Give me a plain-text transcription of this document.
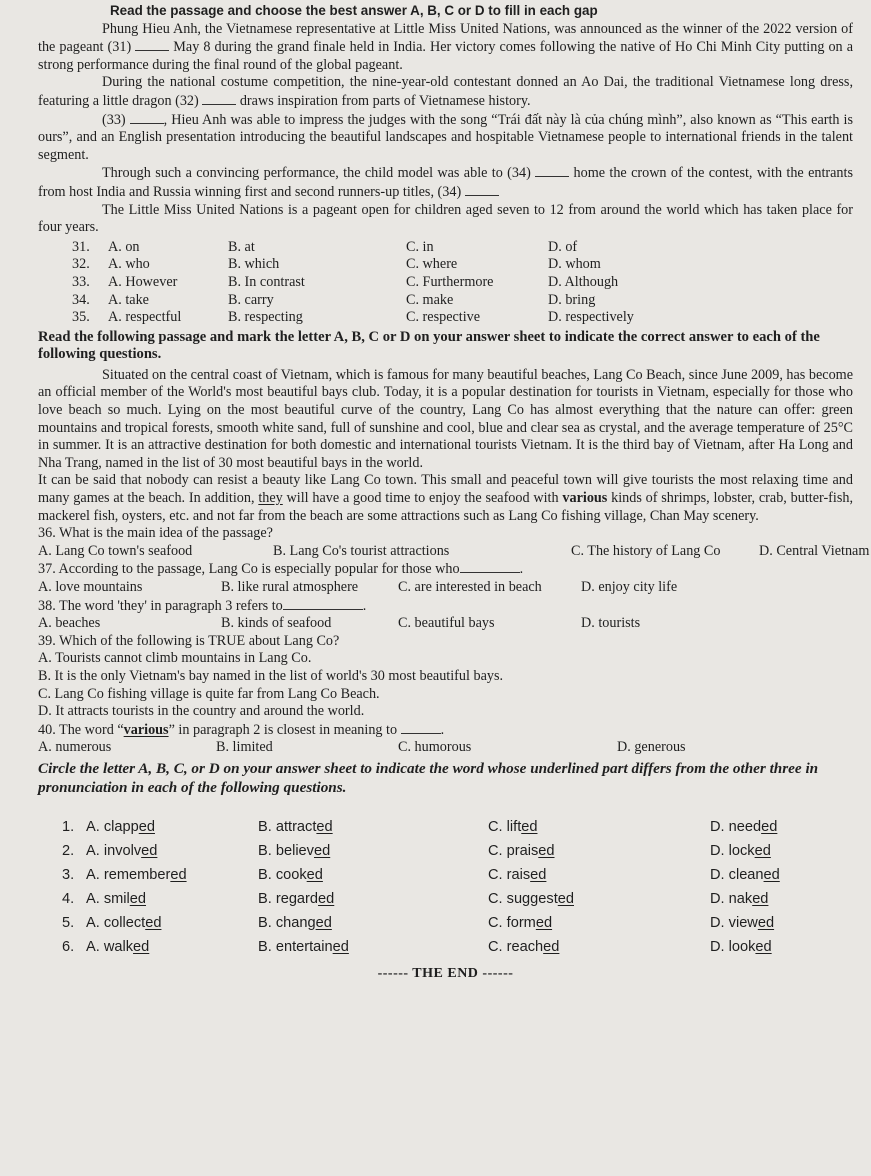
Read the passage and choose the best answer A, B, C or D to fill in each gap

Phung Hieu Anh, the Vietnamese representative at Little Miss United Nations, was announced as the winner of the 2022 version of the pageant (31)  May 8 during the grand finale held in India. Her victory comes following the native of Ho Chi Minh City putting on a strong performance during the final round of the global pageant.

During the national costume competition, the nine-year-old contestant donned an Ao Dai, the traditional Vietnamese long dress, featuring a little dragon (32)  draws inspiration from parts of Vietnamese history.

(33) , Hieu Anh was able to impress the judges with the song “Trái đất này là của chúng mình”, also known as “This earth is ours”, and an English presentation introducing the beautiful landscapes and hospitable Vietnamese people to international friends in the talent segment.

Through such a convincing performance, the child model was able to (34)  home the crown of the contest, with the entrants from host India and Russia winning first and second runners-up titles, (34)

The Little Miss United Nations is a pageant open for children aged seven to 12 from around the world which has taken place for four years.

31.	A. on	B. at	C. in	D. of
32.	A. who	B. which	C. where	D. whom
33.	A. However	B. In contrast	C. Furthermore	D. Although
34.	A. take	B. carry	C. make	D. bring
35.	A. respectful	B. respecting	C. respective	D. respectively
Read the following passage and mark the letter A, B, C or D on your answer sheet to indicate the correct answer to each of the following questions.

Situated on the central coast of Vietnam, which is famous for many beautiful beaches, Lang Co Beach, since June 2009, has become an official member of the World's most beautiful bays club. Today, it is a popular destination for tourists in Vietnam, especially for those who love beach so much. Lying on the most beautiful curve of the country, Lang Co has almost everything that the nature can offer: green mountains and tropical forests, smooth white sand, full of sunshine and cool, blue and clear sea as crystal, and the average temperature of 25°C in summer. It is an attractive destination for both domestic and international tourists Vietnam. It is the third bay of Vietnam, after Ha Long and Nha Trang, named in the list of 30 most beautiful bays in the world.

It can be said that nobody can resist a beauty like Lang Co town. This small and peaceful town will give tourists the most relaxing time and many games at the beach. In addition, they will have a good time to enjoy the seafood with various kinds of shrimps, lobster, crab, butter-fish, mackerel fish, oysters, etc. and not far from the beach are some attractions such as Lang Co fishing village, Chan May scenery.

36. What is the main idea of the passage?

A. Lang Co town's seafood	B. Lang Co's tourist attractions	C. The history of Lang Co	D. Central Vietnam

37. According to the passage, Lang Co is especially popular for those who	.

A. love mountains	B. like rural atmosphere	C. are interested in beach	D. enjoy city life

38. The word 'they' in paragraph 3 refers to	.

A. beaches	B. kinds of seafood	C. beautiful bays	D. tourists

39. Which of the following is TRUE about Lang Co?

A. Tourists cannot climb mountains in Lang Co.

B. It is the only Vietnam's bay named in the list of world's 30 most beautiful bays.

C. Lang Co fishing village is quite far from Lang Co Beach.

D. It attracts tourists in the country and around the world.

40. The word “various” in paragraph 2 is closest in meaning to	.

A. numerous	B. limited	C. humorous	D. generous
Circle the letter A, B, C, or D on your answer sheet to indicate the word whose underlined part differs from the other three in pronunciation in each of the following questions.
1. A. clapped	B. attracted	C. lifted	D. needed
2. A. involved	B. believed	C. praised	D. locked
3. A. remembered	B. cooked	C. raised	D. cleaned
4. A. smiled	B. regarded	C. suggested	D. naked
5. A. collected	B. changed	C. formed	D. viewed
6. A. walked	B. entertained	C. reached	D. looked
------ THE END ------
